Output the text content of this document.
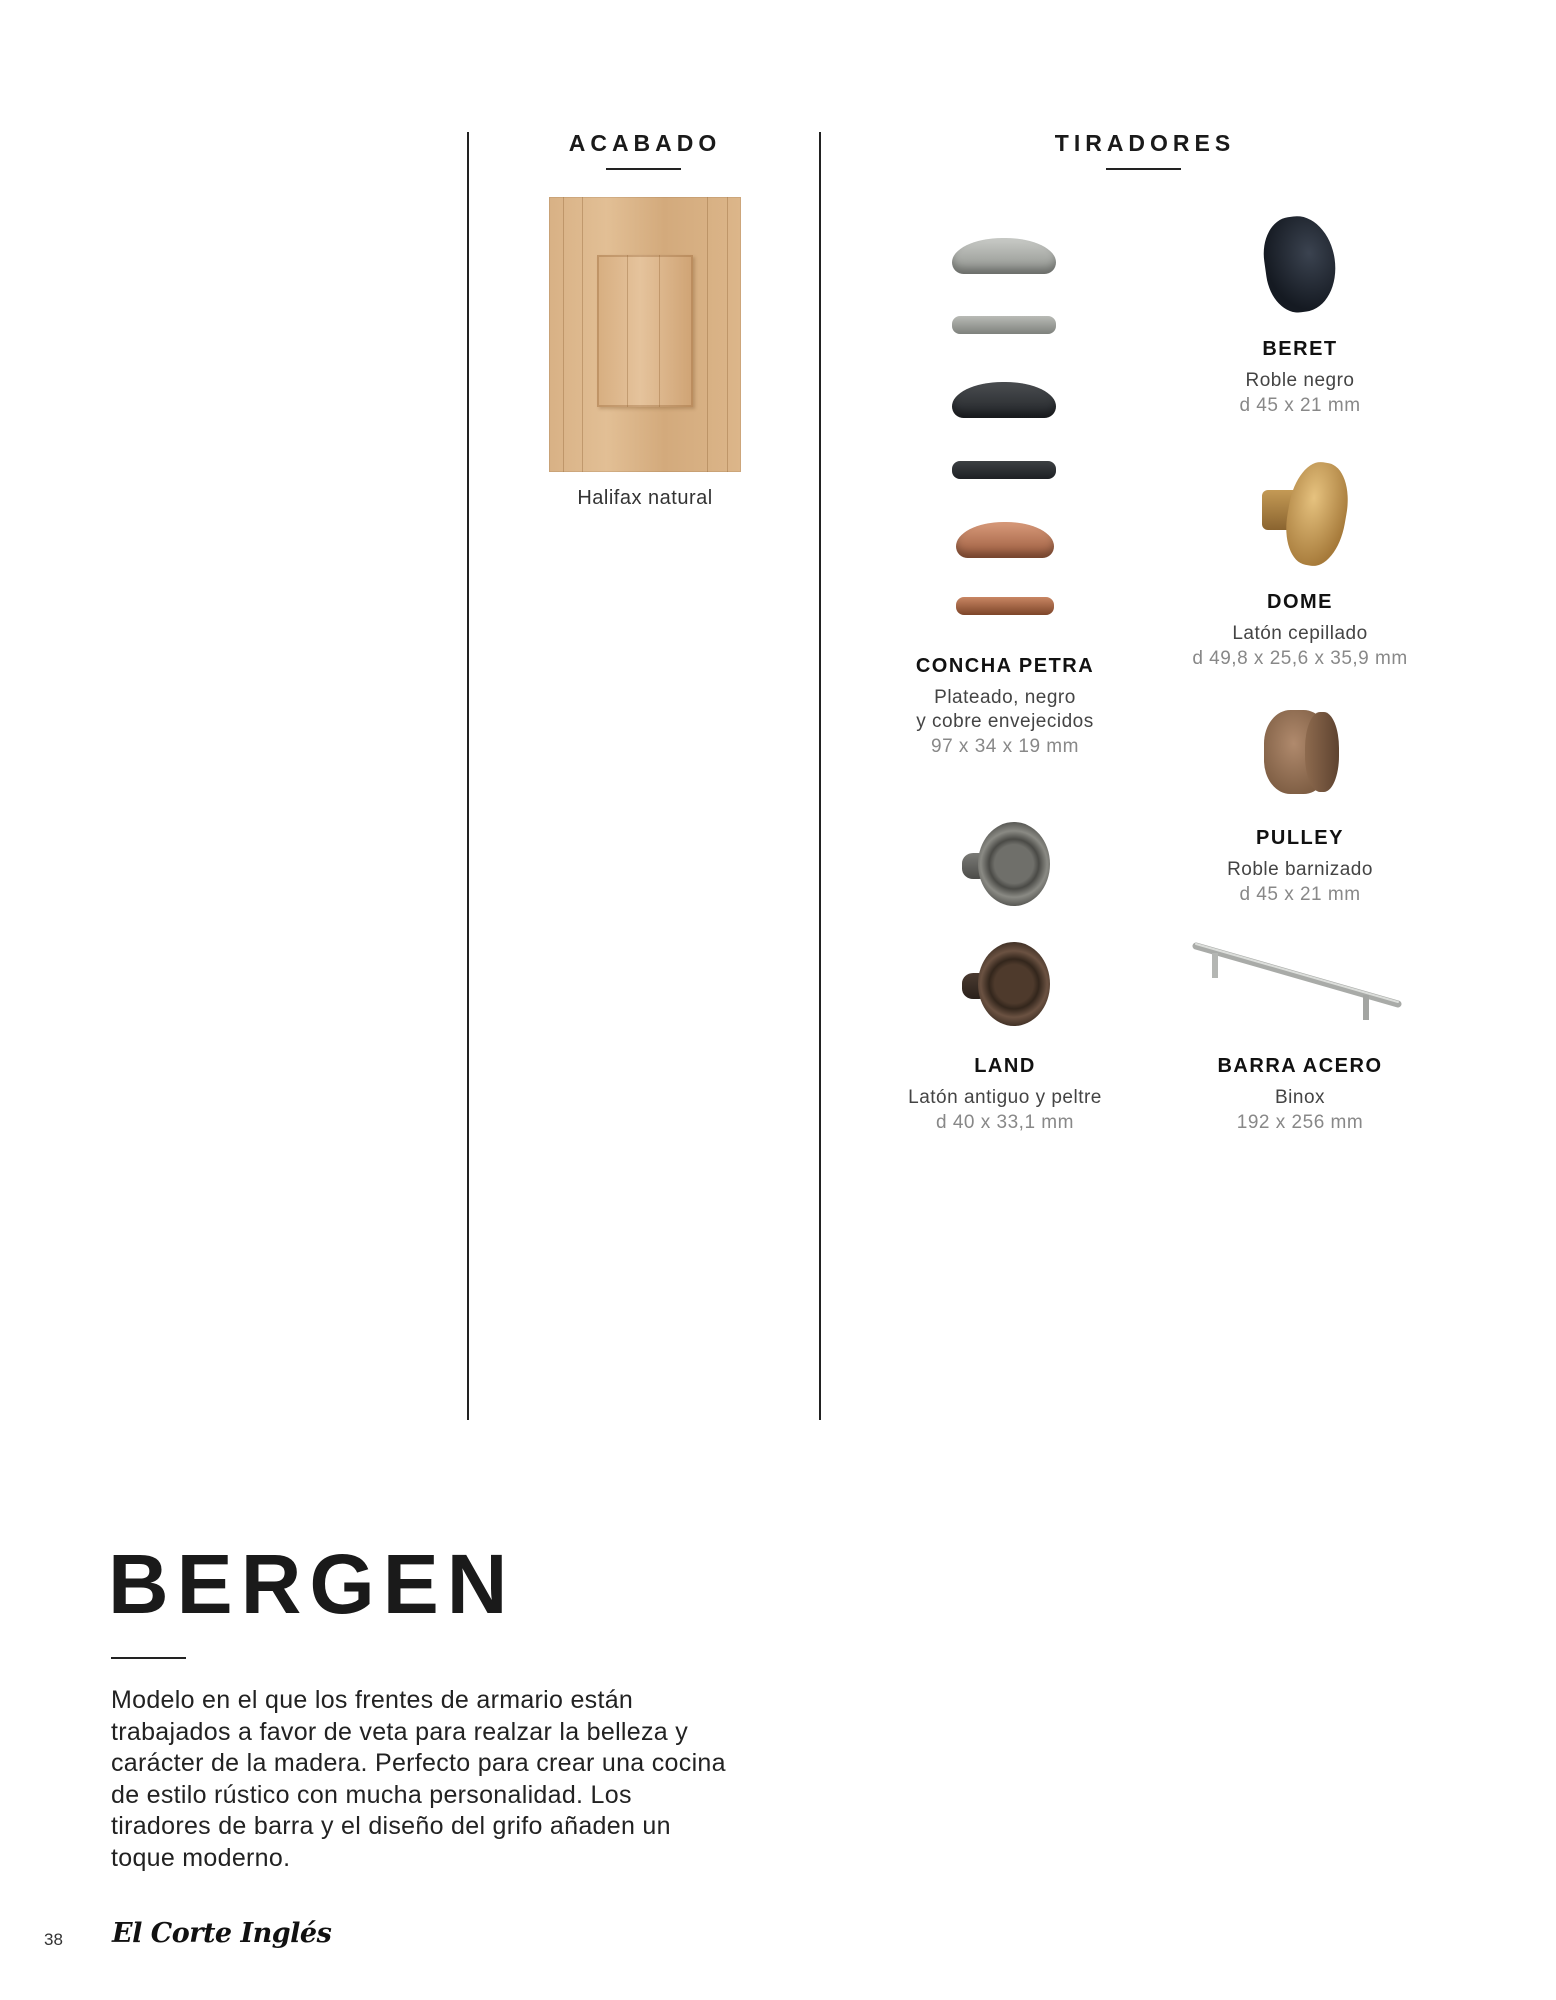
ACABADO
Halifax natural
TIRADORES
CONCHA PETRA
Plateado, negro
y cobre envejecidos
97 x 34 x 19 mm
BERET
Roble negro
d 45 x 21 mm
DOME
Latón cepillado
d 49,8 x 25,6 x 35,9 mm
PULLEY
Roble barnizado
d 45 x 21 mm
LAND
Latón antiguo y peltre
d 40 x 33,1 mm
BARRA ACERO
Binox
192 x 256 mm
BERGEN
Modelo en el que los frentes de armario están trabajados a favor de veta para realzar la belleza y carácter de la madera. Perfecto para crear una cocina de estilo rústico con mucha personalidad. Los tiradores de barra y el diseño del grifo añaden un toque moderno.
38 El Corte Inglés
